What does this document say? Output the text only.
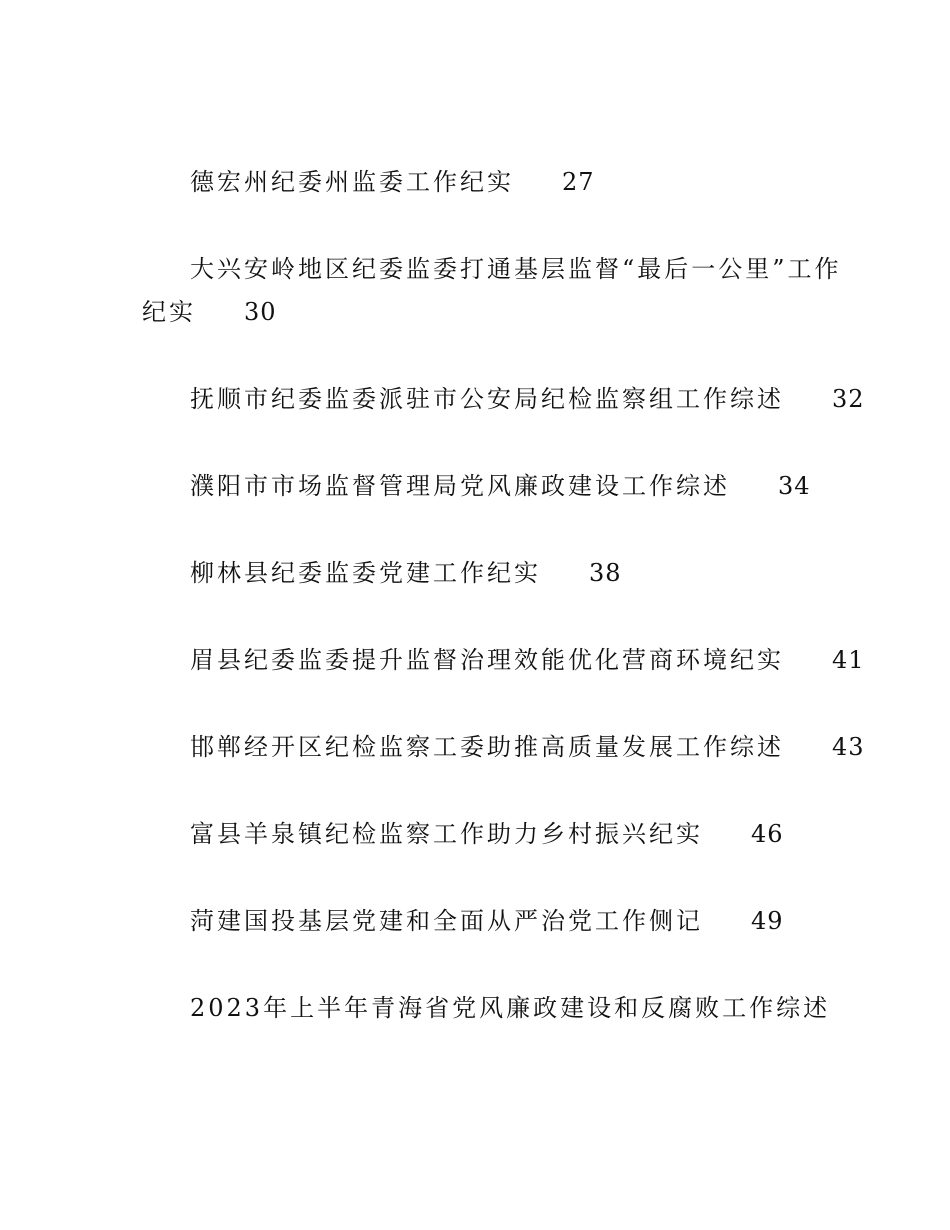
德宏州纪委州监委工作纪实 27
大兴安岭地区纪委监委打通基层监督“最后一公里”工作
纪实 30
抚顺市纪委监委派驻市公安局纪检监察组工作综述 32
濮阳市市场监督管理局党风廉政建设工作综述 34
柳林县纪委监委党建工作纪实 38
眉县纪委监委提升监督治理效能优化营商环境纪实 41
邯郸经开区纪检监察工委助推高质量发展工作综述 43
富县羊泉镇纪检监察工作助力乡村振兴纪实 46
菏建国投基层党建和全面从严治党工作侧记 49
2023年上半年青海省党风廉政建设和反腐败工作综述
